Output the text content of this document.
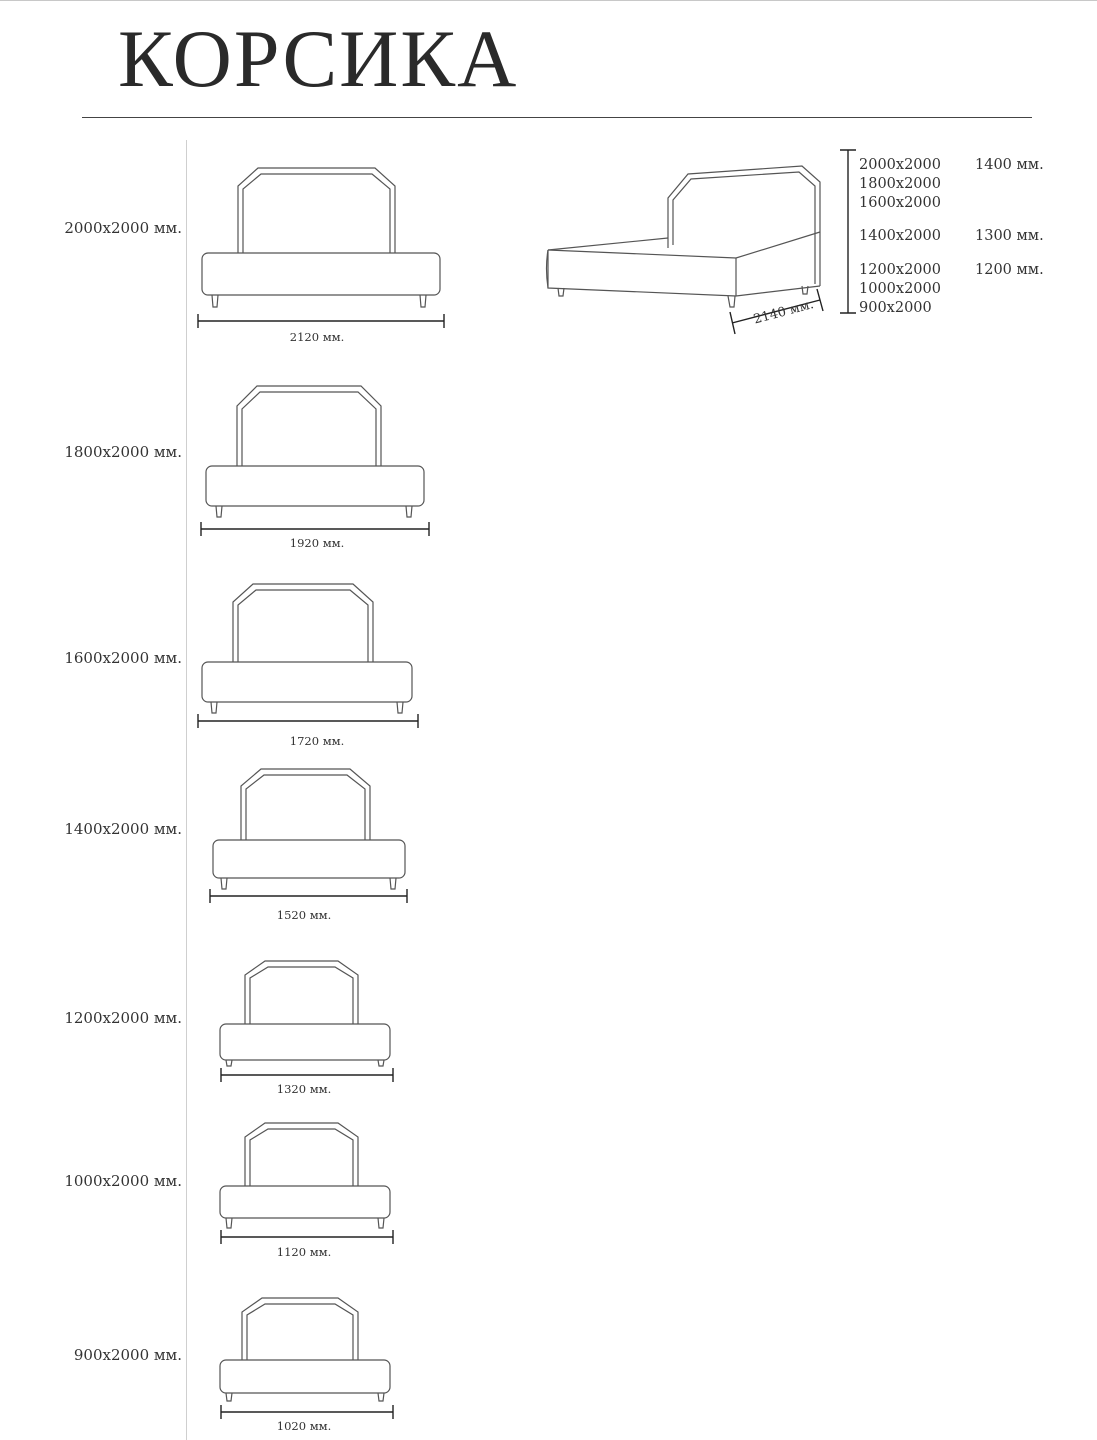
КОРСИКА
2000x2000 мм.
1800x2000 мм.
1600x2000 мм.
1400x2000 мм.
1200x2000 мм.
1000x2000 мм.
900x2000 мм.
2120 мм.
1920 мм.
1720 мм.
1520 мм.
1320 мм.
1120 мм.
1020 мм.
2140 мм.
2000x2000
1800x2000
1600x2000
1400 мм.
1400x2000 1300 мм.
1200x2000
1000x2000
900x2000
1200 мм.
